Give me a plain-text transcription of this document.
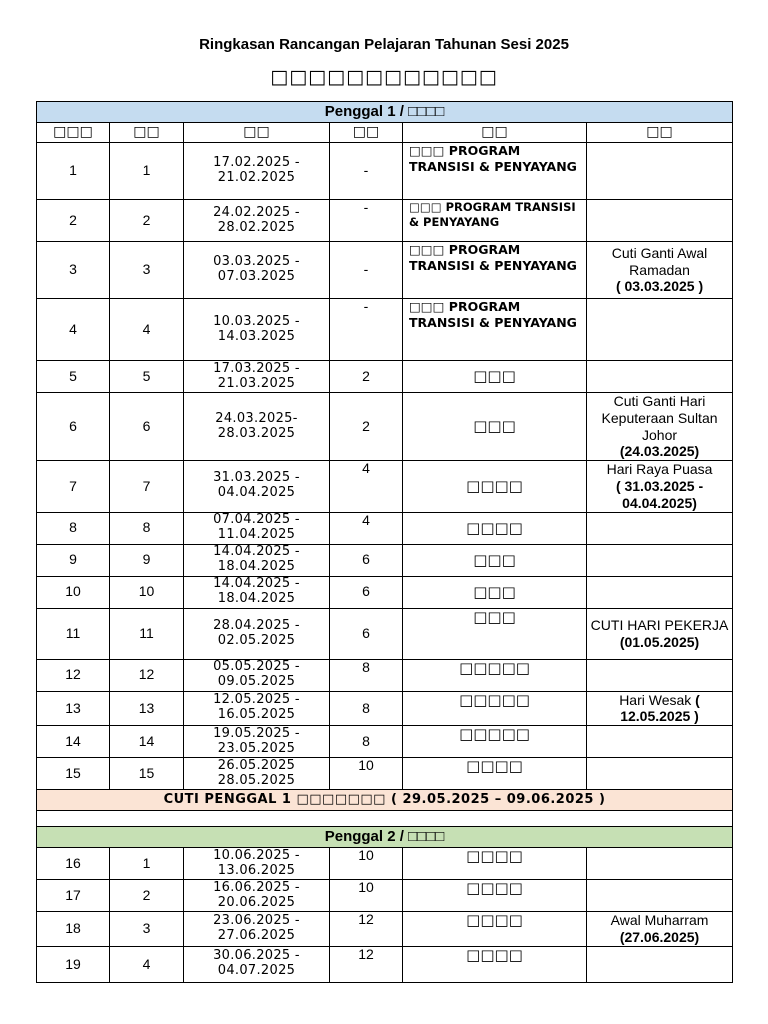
Ringkasan Rancangan Pelajaran Tahunan Sesi 2025
□□□□□□□□□□□□
Penggal 1 / □□□□					
□□□	□□	□□	□□	□□	□□
1	1	17.02.2025 - 21.02.2025	-	□□□ PROGRAM TRANSISI & PENYAYANG	
2	2	24.02.2025 - 28.02.2025	-	□□□ PROGRAM TRANSISI & PENYAYANG	
3	3	03.03.2025 - 07.03.2025	-	□□□ PROGRAM TRANSISI & PENYAYANG	Cuti Ganti Awal Ramadan
( 03.03.2025 )

4	4	10.03.2025 - 14.03.2025	-	□□□ PROGRAM TRANSISI & PENYAYANG	
5	5	17.03.2025 - 21.03.2025	2	□□□	
6	6	24.03.2025- 28.03.2025	2	□□□	Cuti Ganti Hari Keputeraan Sultan Johor
(24.03.2025)

7	7	31.03.2025 - 04.04.2025	4	□□□□	Hari Raya Puasa
( 31.03.2025 - 04.04.2025)

8	8	07.04.2025 - 11.04.2025	4	□□□□	
9	9	14.04.2025 - 18.04.2025	6	□□□	
10	10	14.04.2025 - 18.04.2025	6	□□□	
11	11	28.04.2025 - 02.05.2025	6	□□□	CUTI HARI PEKERJA
(01.05.2025)

12	12	05.05.2025 - 09.05.2025	8	□□□□□	
13	13	12.05.2025 - 16.05.2025	8	□□□□□	Hari Wesak ( 12.05.2025 )
14	14	19.05.2025 - 23.05.2025	8	□□□□□	
15	15	26.05.2025 28.05.2025	10	□□□□	
CUTI PENGGAL 1 □□□□□□□ ( 29.05.2025 – 09.06.2025 )					

Penggal 2 / □□□□					
16	1	10.06.2025 - 13.06.2025	10	□□□□	
17	2	16.06.2025 - 20.06.2025	10	□□□□	
18	3	23.06.2025 - 27.06.2025	12	□□□□	Awal Muharram (27.06.2025)
19	4	30.06.2025 - 04.07.2025	12	□□□□	
